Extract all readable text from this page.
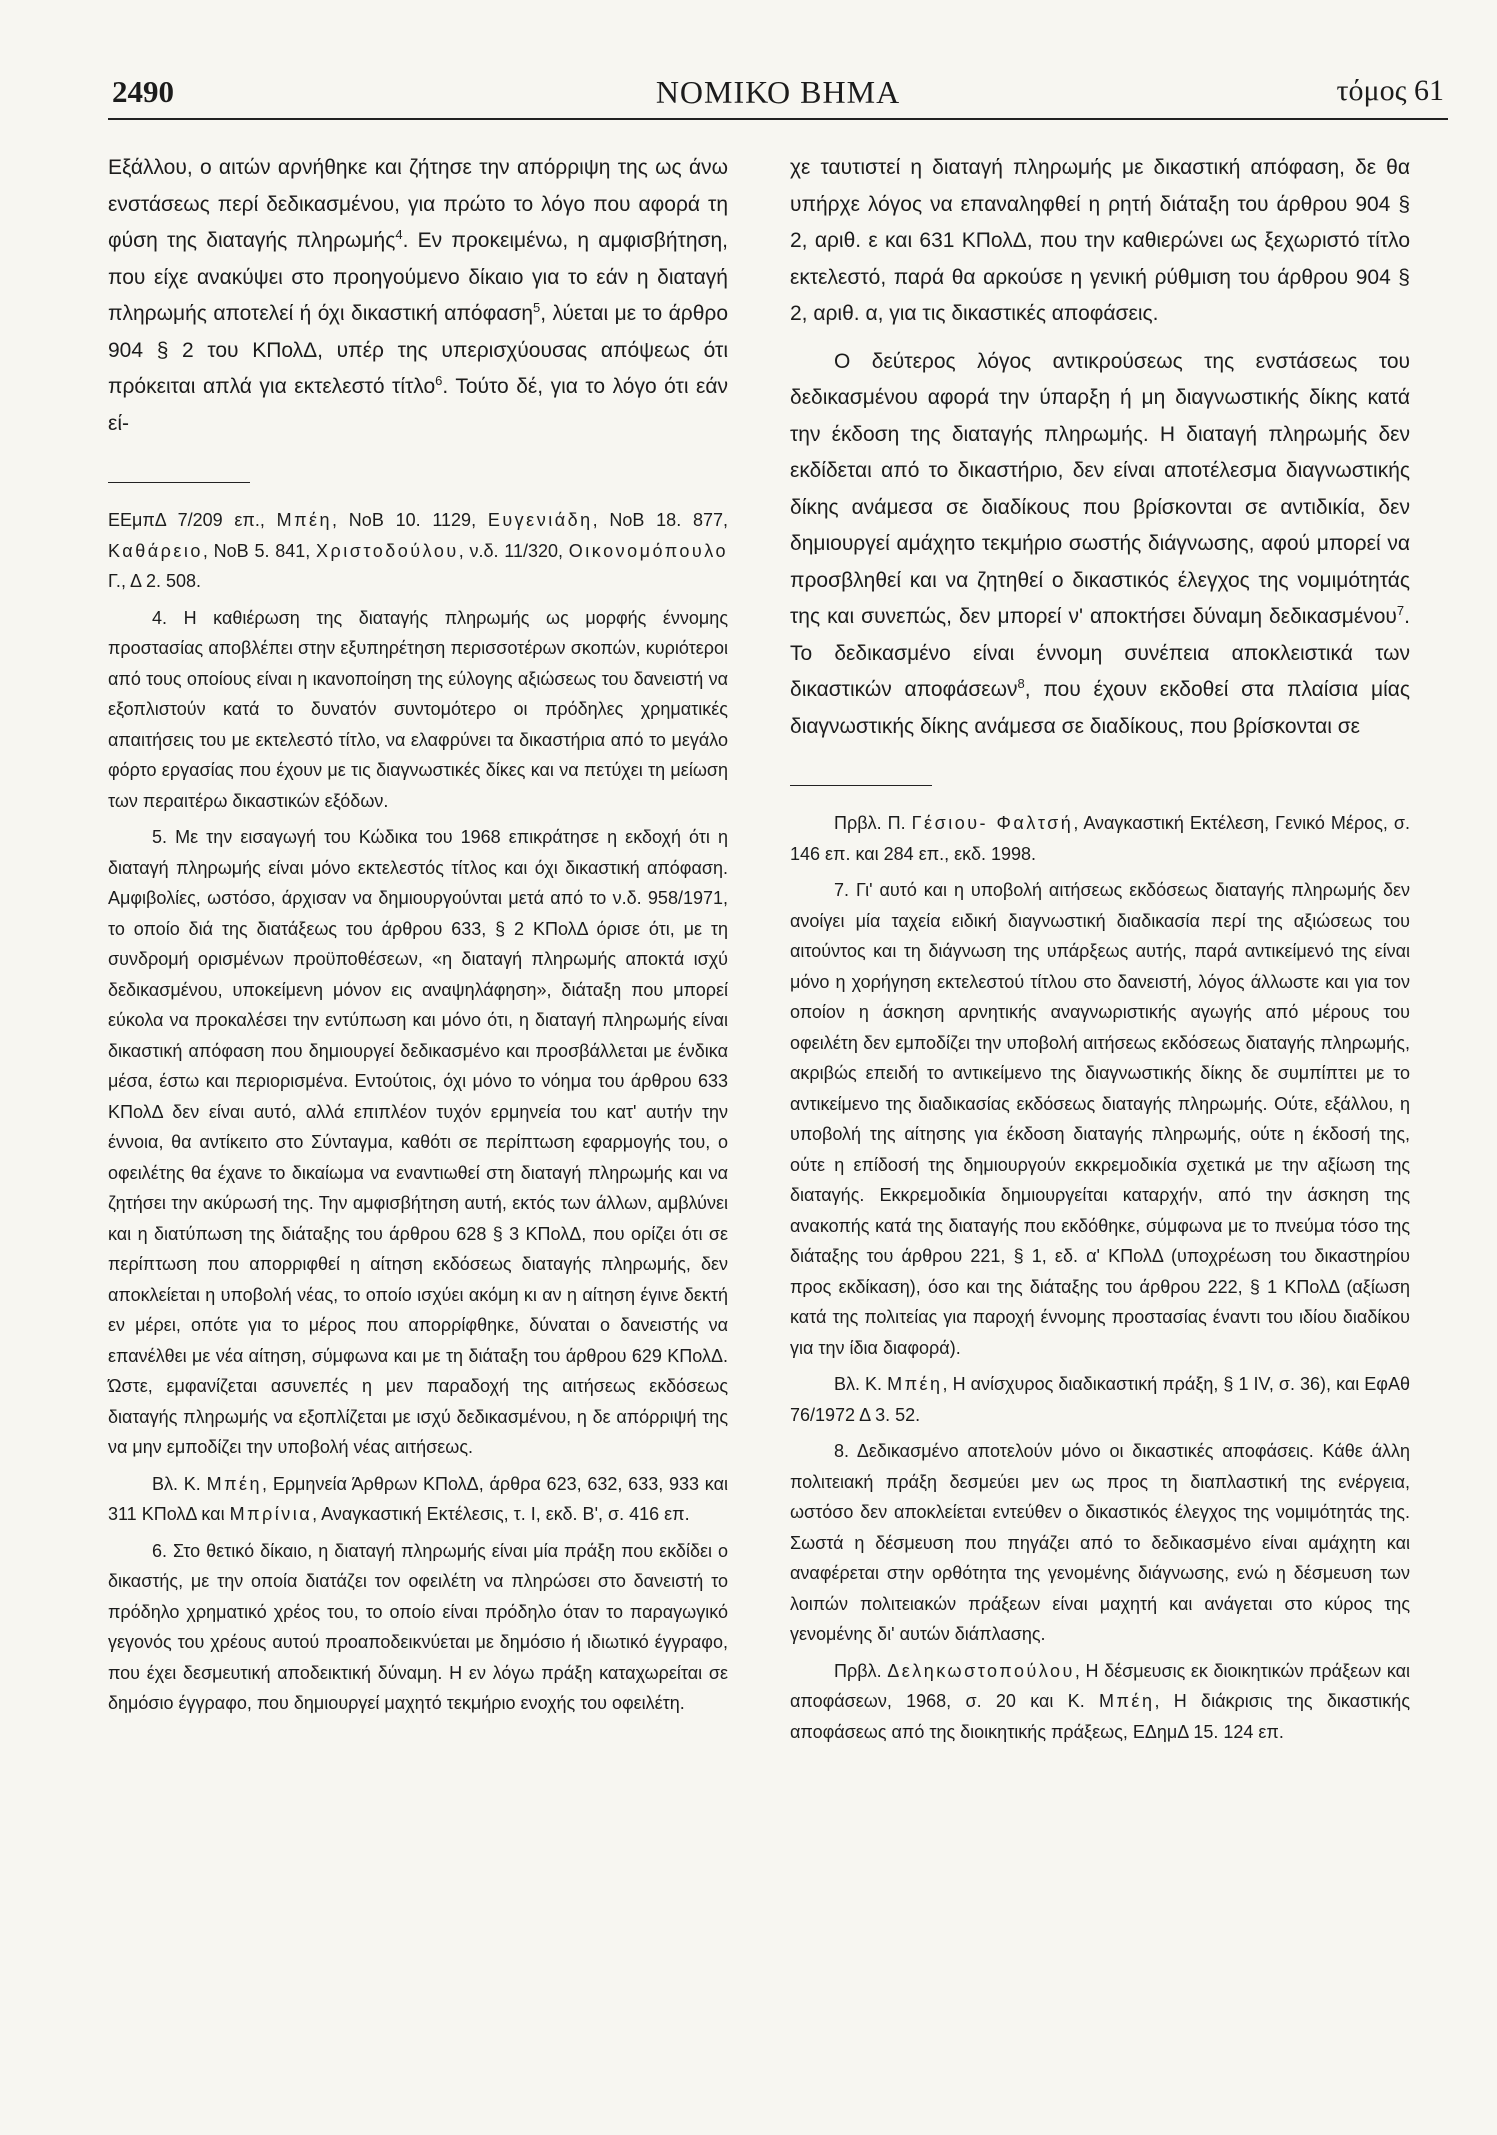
2490	ΝΟΜΙΚΟ ΒΗΜΑ	τόμος 61

Εξάλλου, ο αιτών αρνήθηκε και ζήτησε την απόρριψη της ως άνω ενστάσεως περί δεδικασμένου, για πρώτο το λόγο που αφορά τη φύση της διαταγής πληρωμής$^4$. Εν προκειμένω, η αμφισβήτηση, που είχε ανακύψει στο προηγούμενο δίκαιο για το εάν η διαταγή πληρωμής αποτελεί ή όχι δικαστική απόφαση$^5$, λύεται με το άρθρο 904 § 2 του ΚΠολΔ, υπέρ της υπερισχύουσας απόψεως ότι πρόκειται απλά για εκτελεστό τίτλο$^6$. Τούτο δέ, για το λόγο ότι εάν εί-

ΕΕμπΔ 7/209 επ., Μπέη, ΝοΒ 10. 1129, Ευγενιάδη, ΝοΒ 18. 877, Καθάρειο, ΝοΒ 5. 841, Χριστοδούλου, ν.δ. 11/320, Οικονομόπουλο Γ., Δ 2. 508.

4. Η καθιέρωση της διαταγής πληρωμής ως μορφής έννομης προστασίας αποβλέπει στην εξυπηρέτηση περισσοτέρων σκοπών, κυριότεροι από τους οποίους είναι η ικανοποίηση της εύλογης αξιώσεως του δανειστή να εξοπλιστούν κατά το δυνατόν συντομότερο οι πρόδηλες χρηματικές απαιτήσεις του με εκτελεστό τίτλο, να ελαφρύνει τα δικαστήρια από το μεγάλο φόρτο εργασίας που έχουν με τις διαγνωστικές δίκες και να πετύχει τη μείωση των περαιτέρω δικαστικών εξόδων.

5. Με την εισαγωγή του Κώδικα του 1968 επικράτησε η εκδοχή ότι η διαταγή πληρωμής είναι μόνο εκτελεστός τίτλος και όχι δικαστική απόφαση. Αμφιβολίες, ωστόσο, άρχισαν να δημιουργούνται μετά από το ν.δ. 958/1971, το οποίο διά της διατάξεως του άρθρου 633, § 2 ΚΠολΔ όρισε ότι, με τη συνδρομή ορισμένων προϋποθέσεων, «η διαταγή πληρωμής αποκτά ισχύ δεδικασμένου, υποκείμενη μόνον εις αναψηλάφηση», διάταξη που μπορεί εύκολα να προκαλέσει την εντύπωση και μόνο ότι, η διαταγή πληρωμής είναι δικαστική απόφαση που δημιουργεί δεδικασμένο και προσβάλλεται με ένδικα μέσα, έστω και περιορισμένα. Εντούτοις, όχι μόνο το νόημα του άρθρου 633 ΚΠολΔ δεν είναι αυτό, αλλά επιπλέον τυχόν ερμηνεία του κατ' αυτήν την έννοια, θα αντίκειτο στο Σύνταγμα, καθότι σε περίπτωση εφαρμογής του, ο οφειλέτης θα έχανε το δικαίωμα να εναντιωθεί στη διαταγή πληρωμής και να ζητήσει την ακύρωσή της. Την αμφισβήτηση αυτή, εκτός των άλλων, αμβλύνει και η διατύπωση της διάταξης του άρθρου 628 § 3 ΚΠολΔ, που ορίζει ότι σε περίπτωση που απορριφθεί η αίτηση εκδόσεως διαταγής πληρωμής, δεν αποκλείεται η υποβολή νέας, το οποίο ισχύει ακόμη κι αν η αίτηση έγινε δεκτή εν μέρει, οπότε για το μέρος που απορρίφθηκε, δύναται ο δανειστής να επανέλθει με νέα αίτηση, σύμφωνα και με τη διάταξη του άρθρου 629 ΚΠολΔ. Ώστε, εμφανίζεται ασυνεπές η μεν παραδοχή της αιτήσεως εκδόσεως διαταγής πληρωμής να εξοπλίζεται με ισχύ δεδικασμένου, η δε απόρριψή της να μην εμποδίζει την υποβολή νέας αιτήσεως.

Βλ. Κ. Μπέη, Ερμηνεία Άρθρων ΚΠολΔ, άρθρα 623, 632, 633, 933 και 311 ΚΠολΔ και Μπρίνια, Αναγκαστική Εκτέλεσις, τ. Ι, εκδ. Β', σ. 416 επ.

6. Στο θετικό δίκαιο, η διαταγή πληρωμής είναι μία πράξη που εκδίδει ο δικαστής, με την οποία διατάζει τον οφειλέτη να πληρώσει στο δανειστή το πρόδηλο χρηματικό χρέος του, το οποίο είναι πρόδηλο όταν το παραγωγικό γεγονός του χρέους αυτού προαποδεικνύεται με δημόσιο ή ιδιωτικό έγγραφο, που έχει δεσμευτική αποδεικτική δύναμη. Η εν λόγω πράξη καταχωρείται σε δημόσιο έγγραφο, που δημιουργεί μαχητό τεκμήριο ενοχής του οφειλέτη.

χε ταυτιστεί η διαταγή πληρωμής με δικαστική απόφαση, δε θα υπήρχε λόγος να επαναληφθεί η ρητή διάταξη του άρθρου 904 § 2, αριθ. ε και 631 ΚΠολΔ, που την καθιερώνει ως ξεχωριστό τίτλο εκτελεστό, παρά θα αρκούσε η γενική ρύθμιση του άρθρου 904 § 2, αριθ. α, για τις δικαστικές αποφάσεις.

Ο δεύτερος λόγος αντικρούσεως της ενστάσεως του δεδικασμένου αφορά την ύπαρξη ή μη διαγνωστικής δίκης κατά την έκδοση της διαταγής πληρωμής. Η διαταγή πληρωμής δεν εκδίδεται από το δικαστήριο, δεν είναι αποτέλεσμα διαγνωστικής δίκης ανάμεσα σε διαδίκους που βρίσκονται σε αντιδικία, δεν δημιουργεί αμάχητο τεκμήριο σωστής διάγνωσης, αφού μπορεί να προσβληθεί και να ζητηθεί ο δικαστικός έλεγχος της νομιμότητάς της και συνεπώς, δεν μπορεί ν' αποκτήσει δύναμη δεδικασμένου$^7$. Το δεδικασμένο είναι έννομη συνέπεια αποκλειστικά των δικαστικών αποφάσεων$^8$, που έχουν εκδοθεί στα πλαίσια μίας διαγνωστικής δίκης ανάμεσα σε διαδίκους, που βρίσκονται σε

Πρβλ. Π. Γέσιου- Φαλτσή, Αναγκαστική Εκτέλεση, Γενικό Μέρος, σ. 146 επ. και 284 επ., εκδ. 1998.

7. Γι' αυτό και η υποβολή αιτήσεως εκδόσεως διαταγής πληρωμής δεν ανοίγει μία ταχεία ειδική διαγνωστική διαδικασία περί της αξιώσεως του αιτούντος και τη διάγνωση της υπάρξεως αυτής, παρά αντικείμενό της είναι μόνο η χορήγηση εκτελεστού τίτλου στο δανειστή, λόγος άλλωστε και για τον οποίον η άσκηση αρνητικής αναγνωριστικής αγωγής από μέρους του οφειλέτη δεν εμποδίζει την υποβολή αιτήσεως εκδόσεως διαταγής πληρωμής, ακριβώς επειδή το αντικείμενο της διαγνωστικής δίκης δε συμπίπτει με το αντικείμενο της διαδικασίας εκδόσεως διαταγής πληρωμής. Ούτε, εξάλλου, η υποβολή της αίτησης για έκδοση διαταγής πληρωμής, ούτε η έκδοσή της, ούτε η επίδοσή της δημιουργούν εκκρεμοδικία σχετικά με την αξίωση της διαταγής. Εκκρεμοδικία δημιουργείται καταρχήν, από την άσκηση της ανακοπής κατά της διαταγής που εκδόθηκε, σύμφωνα με το πνεύμα τόσο της διάταξης του άρθρου 221, § 1, εδ. α' ΚΠολΔ (υποχρέωση του δικαστηρίου προς εκδίκαση), όσο και της διάταξης του άρθρου 222, § 1 ΚΠολΔ (αξίωση κατά της πολιτείας για παροχή έννομης προστασίας έναντι του ιδίου διαδίκου για την ίδια διαφορά).

Βλ. Κ. Μπέη, Η ανίσχυρος διαδικαστική πράξη, § 1 IV, σ. 36), και ΕφΑθ 76/1972 Δ 3. 52.

8. Δεδικασμένο αποτελούν μόνο οι δικαστικές αποφάσεις. Κάθε άλλη πολιτειακή πράξη δεσμεύει μεν ως προς τη διαπλαστική της ενέργεια, ωστόσο δεν αποκλείεται εντεύθεν ο δικαστικός έλεγχος της νομιμότητάς της. Σωστά η δέσμευση που πηγάζει από το δεδικασμένο είναι αμάχητη και αναφέρεται στην ορθότητα της γενομένης διάγνωσης, ενώ η δέσμευση των λοιπών πολιτειακών πράξεων είναι μαχητή και ανάγεται στο κύρος της γενομένης δι' αυτών διάπλασης.

Πρβλ. Δεληκωστοπούλου, Η δέσμευσις εκ διοικητικών πράξεων και αποφάσεων, 1968, σ. 20 και Κ. Μπέη, Η διάκρισις της δικαστικής αποφάσεως από της διοικητικής πράξεως, ΕΔημΔ 15. 124 επ.
